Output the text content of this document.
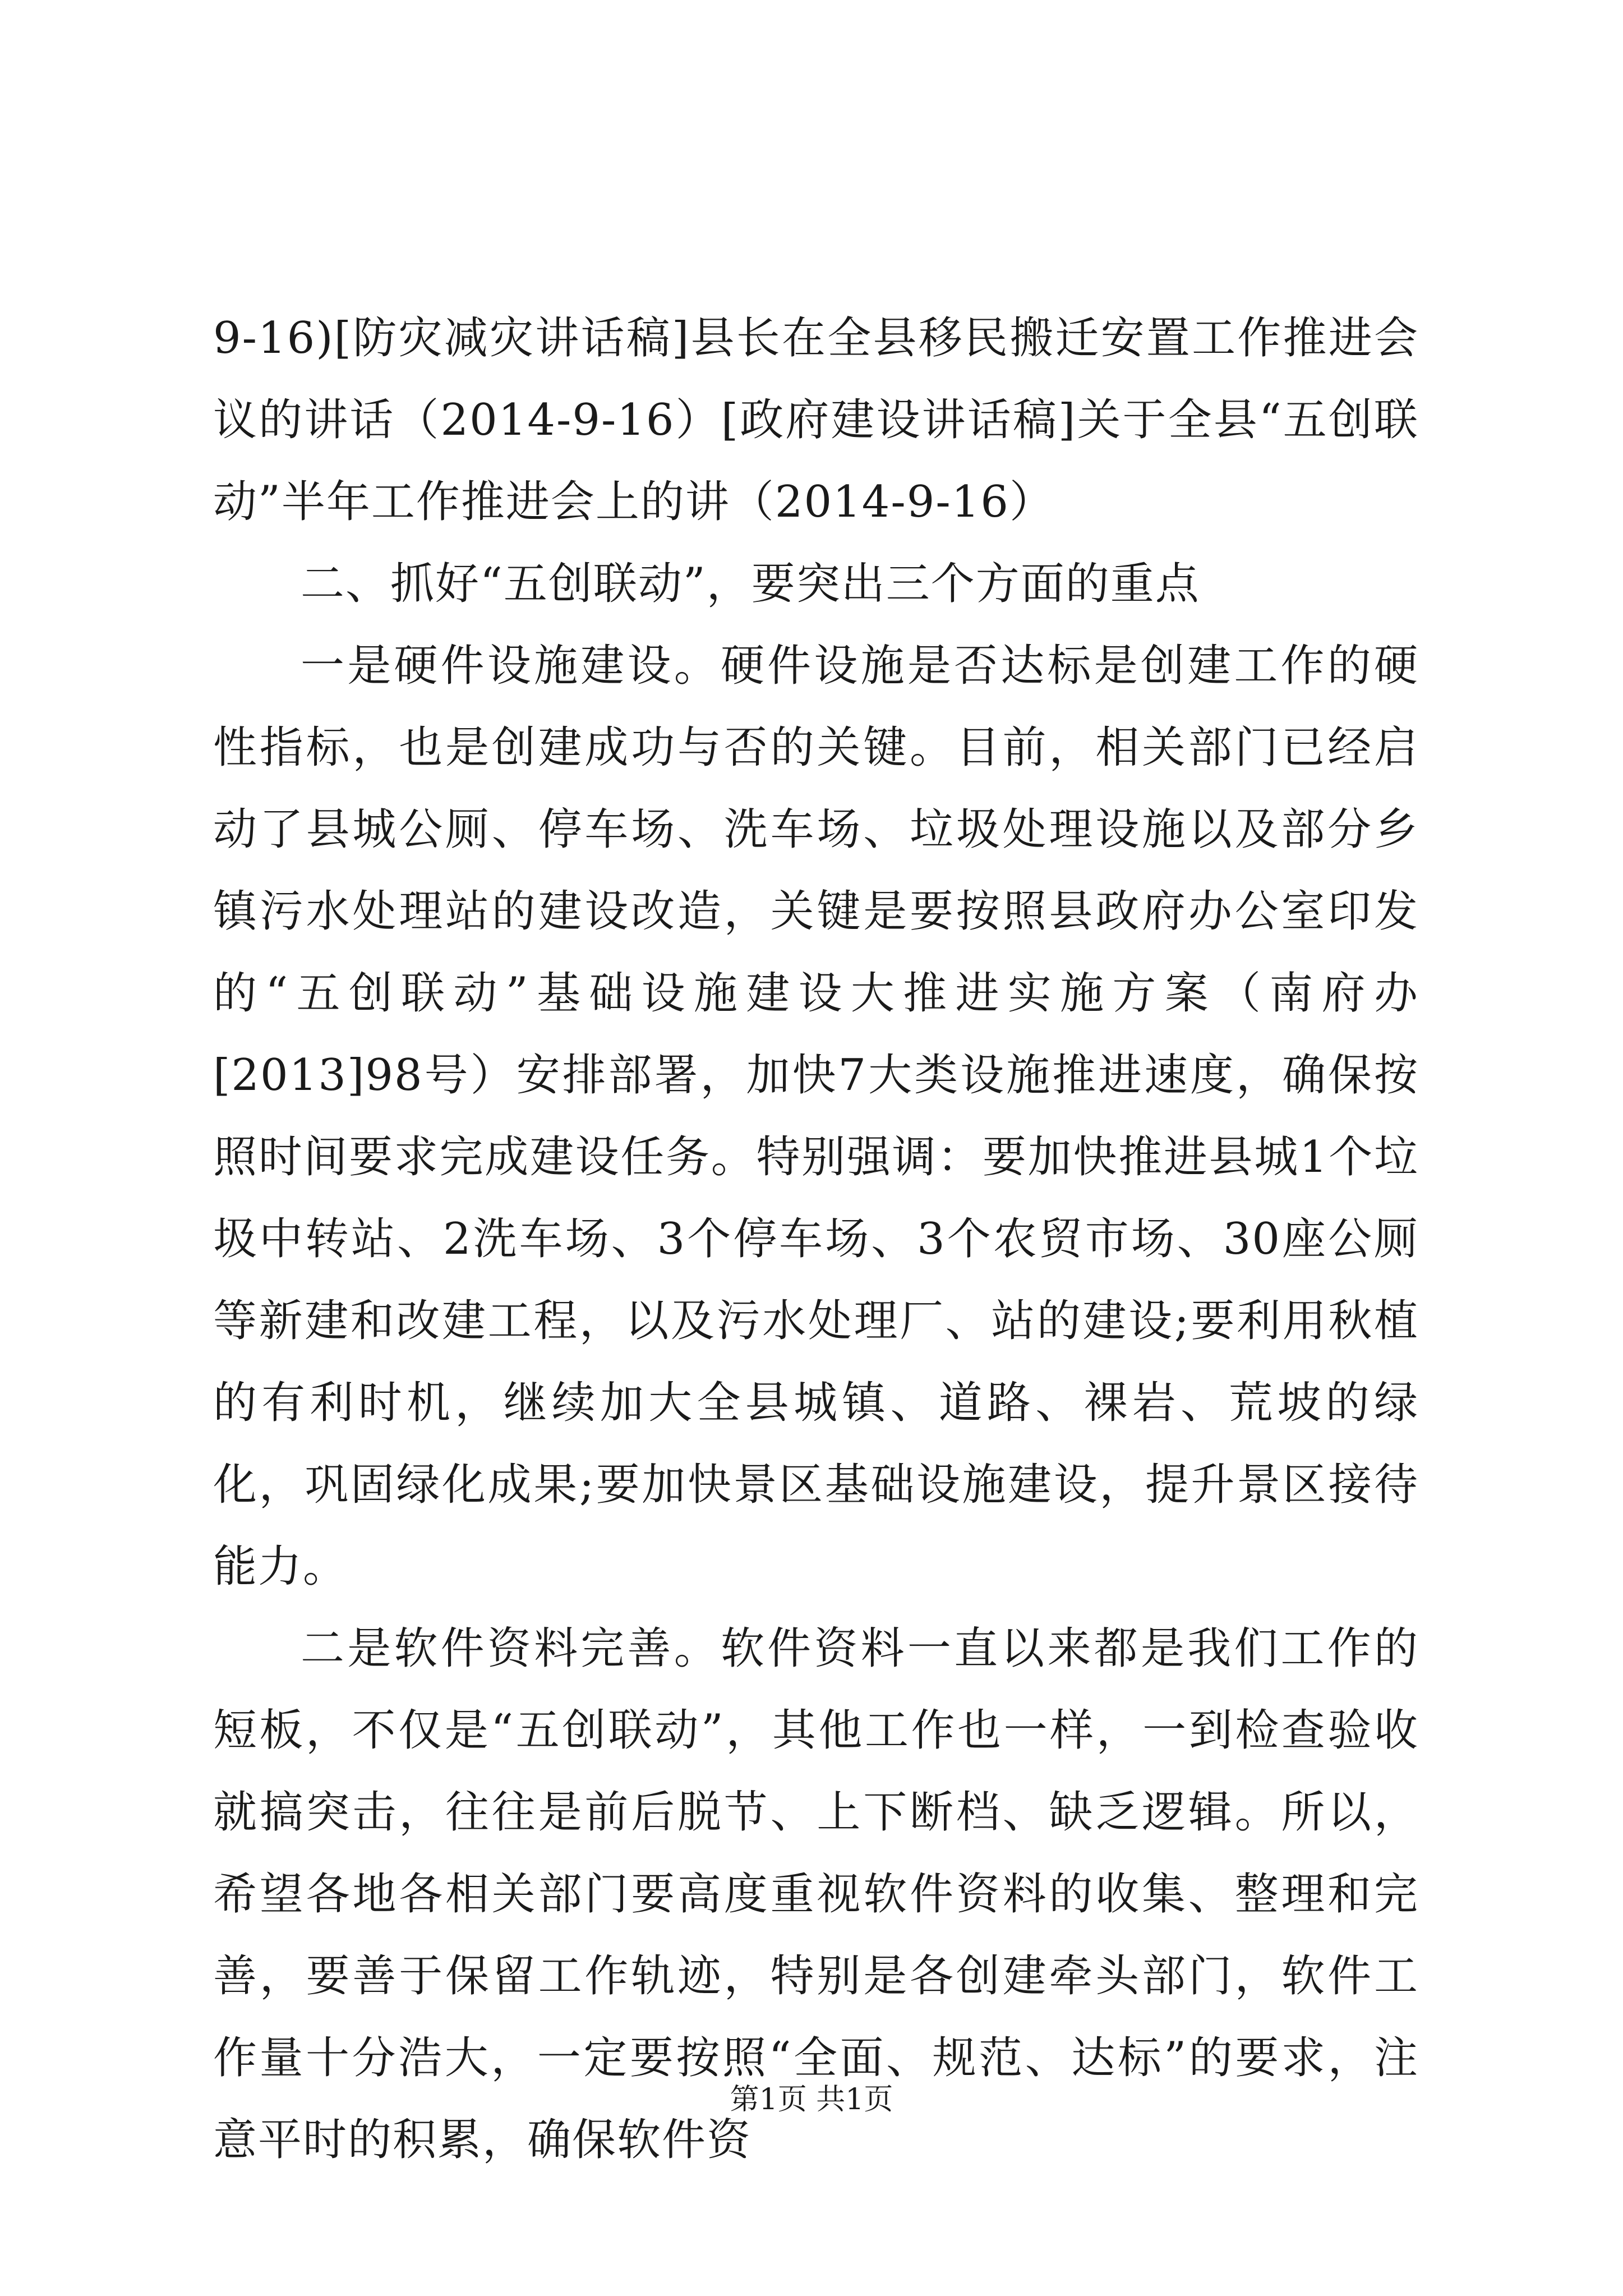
9-16)[防灾减灾讲话稿]县长在全县移民搬迁安置工作推进会议的讲话（2014-9-16）[政府建设讲话稿]关于全县“五创联动”半年工作推进会上的讲（2014-9-16）

二、抓好“五创联动”，要突出三个方面的重点

一是硬件设施建设。硬件设施是否达标是创建工作的硬性指标，也是创建成功与否的关键。目前，相关部门已经启动了县城公厕、停车场、洗车场、垃圾处理设施以及部分乡镇污水处理站的建设改造，关键是要按照县政府办公室印发的“五创联动”基础设施建设大推进实施方案（南府办[2013]98号）安排部署，加快7大类设施推进速度，确保按照时间要求完成建设任务。特别强调：要加快推进县城1个垃圾中转站、2洗车场、3个停车场、3个农贸市场、30座公厕等新建和改建工程，以及污水处理厂、站的建设;要利用秋植的有利时机，继续加大全县城镇、道路、裸岩、荒坡的绿化，巩固绿化成果;要加快景区基础设施建设，提升景区接待能力。

二是软件资料完善。软件资料一直以来都是我们工作的短板，不仅是“五创联动”，其他工作也一样，一到检查验收就搞突击，往往是前后脱节、上下断档、缺乏逻辑。所以，希望各地各相关部门要高度重视软件资料的收集、整理和完善，要善于保留工作轨迹，特别是各创建牵头部门，软件工作量十分浩大，一定要按照“全面、规范、达标”的要求，注意平时的积累，确保软件资

第1页 共1页
